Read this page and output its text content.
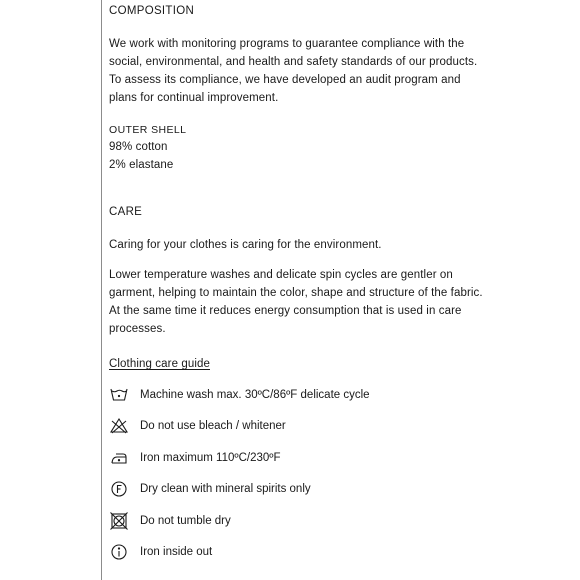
COMPOSITION

We work with monitoring programs to guarantee compliance with the

social, environmental, and health and safety standards of our products.

To assess its compliance, we have developed an audit program and

plans for continual improvement.

OUTER SHELL

98% cotton

2% elastane

CARE

Caring for your clothes is caring for the environment.

Lower temperature washes and delicate spin cycles are gentler on

garment, helping to maintain the color, shape and structure of the fabric.

At the same time it reduces energy consumption that is used in care

processes.

Clothing care guide
Machine wash max. 30ºC/86ºF delicate cycle
Do not use bleach / whitener
Iron maximum 110ºC/230ºF
Dry clean with mineral spirits only
Do not tumble dry
Iron inside out
